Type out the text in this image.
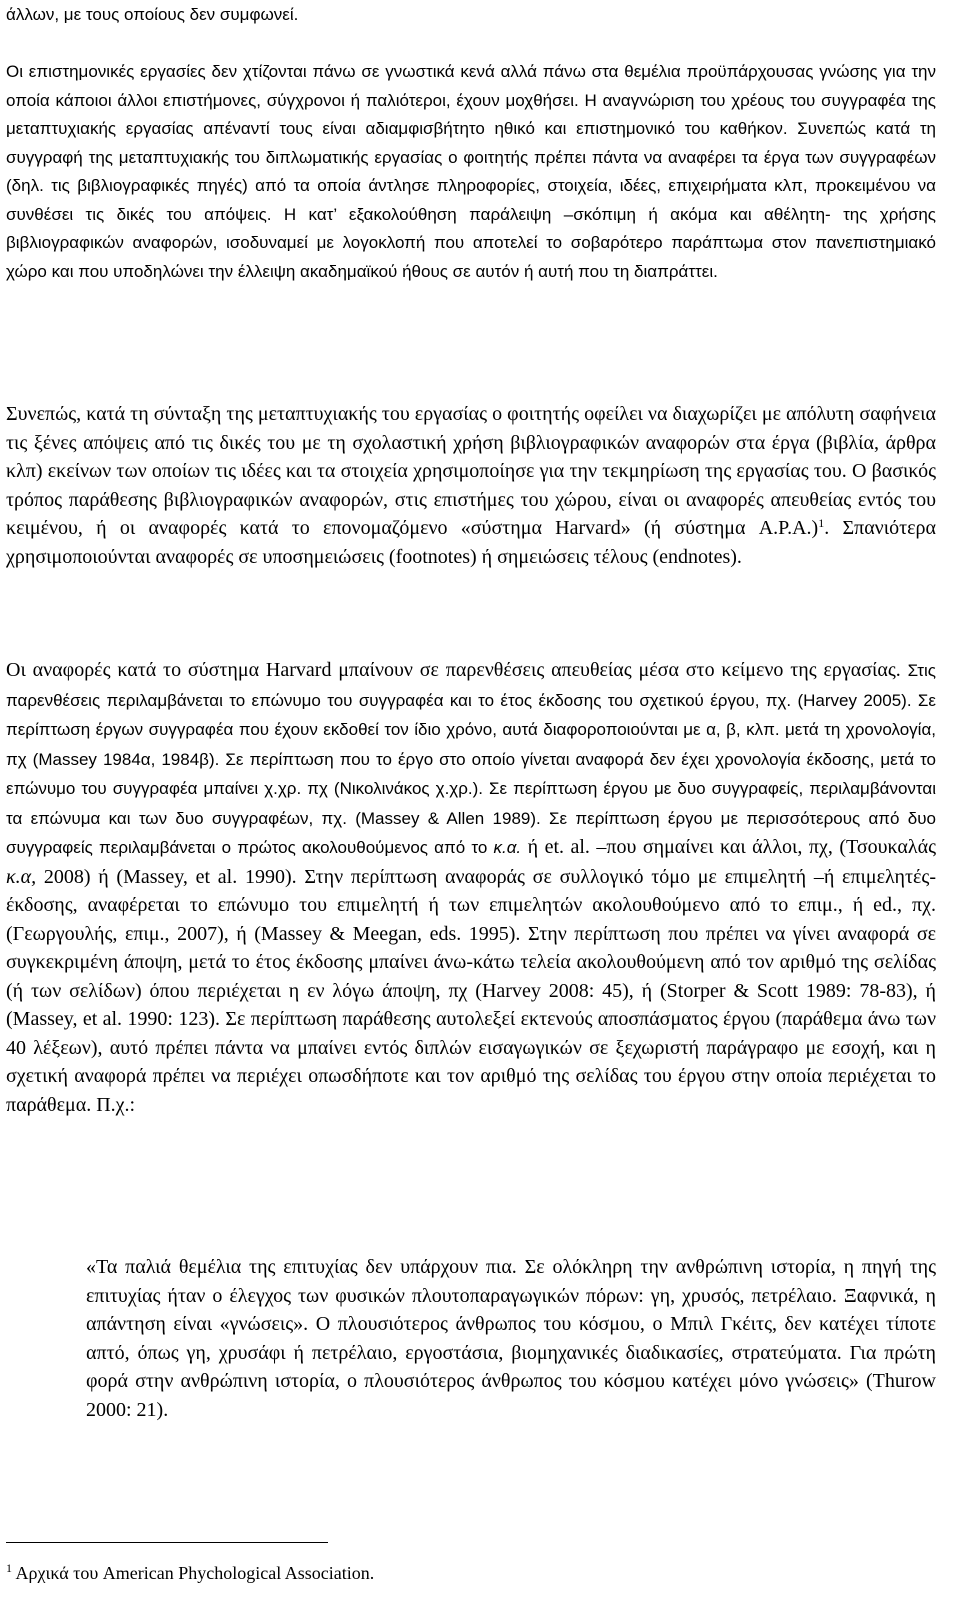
άλλων, με τους οποίους δεν συμφωνεί.

Οι επιστημονικές εργασίες δεν χτίζονται πάνω σε γνωστικά κενά αλλά πάνω στα θεμέλια προϋπάρχουσας γνώσης για την οποία κάποιοι άλλοι επιστήμονες, σύγχρονοι ή παλιότεροι, έχουν μοχθήσει. Η αναγνώριση του χρέους του συγγραφέα της μεταπτυχιακής εργασίας απέναντί τους είναι αδιαμφισβήτητο ηθικό και επιστημονικό του καθήκον. Συνεπώς κατά τη συγγραφή της μεταπτυχιακής του διπλωματικής εργασίας ο φοιτητής πρέπει πάντα να αναφέρει τα έργα των συγγραφέων (δηλ. τις βιβλιογραφικές πηγές) από τα οποία άντλησε πληροφορίες, στοιχεία, ιδέες, επιχειρήματα κλπ, προκειμένου να συνθέσει τις δικές του απόψεις. Η κατ’ εξακολούθηση παράλειψη –σκόπιμη ή ακόμα και αθέλητη- της χρήσης βιβλιογραφικών αναφορών, ισοδυναμεί με λογοκλοπή που αποτελεί το σοβαρότερο παράπτωμα στον πανεπιστημιακό χώρο και που υποδηλώνει την έλλειψη ακαδημαϊκού ήθους σε αυτόν ή αυτή που τη διαπράττει.

Συνεπώς, κατά τη σύνταξη της μεταπτυχιακής του εργασίας ο φοιτητής οφείλει να διαχωρίζει με απόλυτη σαφήνεια τις ξένες απόψεις από τις δικές του με τη σχολαστική χρήση βιβλιογραφικών αναφορών στα έργα (βιβλία, άρθρα κλπ) εκείνων των οποίων τις ιδέες και τα στοιχεία χρησιμοποίησε για την τεκμηρίωση της εργασίας του. Ο βασικός τρόπος παράθεσης βιβλιογραφικών αναφορών, στις επιστήμες του χώρου, είναι οι αναφορές απευθείας εντός του κειμένου, ή οι αναφορές κατά το επονομαζόμενο «σύστημα Harvard» (ή σύστημα A.P.A.)$^1$. Σπανιότερα χρησιμοποιούνται αναφορές σε υποσημειώσεις (footnotes) ή σημειώσεις τέλους (endnotes).

Οι αναφορές κατά το σύστημα Harvard μπαίνουν σε παρενθέσεις απευθείας μέσα στο κείμενο της εργασίας. Στις παρενθέσεις περιλαμβάνεται το επώνυμο του συγγραφέα και το έτος έκδοσης του σχετικού έργου, πχ. (Harvey 2005). Σε περίπτωση έργων συγγραφέα που έχουν εκδοθεί τον ίδιο χρόνο, αυτά διαφοροποιούνται με α, β, κλπ. μετά τη χρονολογία, πχ (Massey 1984α, 1984β). Σε περίπτωση που το έργο στο οποίο γίνεται αναφορά δεν έχει χρονολογία έκδοσης, μετά το επώνυμο του συγγραφέα μπαίνει χ.χρ. πχ (Νικολινάκος χ.χρ.). Σε περίπτωση έργου με δυο συγγραφείς, περιλαμβάνονται τα επώνυμα και των δυο συγγραφέων, πχ. (Massey & Allen 1989). Σε περίπτωση έργου με περισσότερους από δυο συγγραφείς περιλαμβάνεται ο πρώτος ακολουθούμενος από το κ.α. ή et. al. –που σημαίνει και άλλοι, πχ, (Τσουκαλάς κ.α, 2008) ή (Massey, et al. 1990). Στην περίπτωση αναφοράς σε συλλογικό τόμο με επιμελητή –ή επιμελητές- έκδοσης, αναφέρεται το επώνυμο του επιμελητή ή των επιμελητών ακολουθούμενο από το επιμ., ή ed., πχ. (Γεωργουλής, επιμ., 2007), ή (Massey & Meegan, eds. 1995). Στην περίπτωση που πρέπει να γίνει αναφορά σε συγκεκριμένη άποψη, μετά το έτος έκδοσης μπαίνει άνω-κάτω τελεία ακολουθούμενη από τον αριθμό της σελίδας (ή των σελίδων) όπου περιέχεται η εν λόγω άποψη, πχ (Harvey 2008: 45), ή (Storper & Scott 1989: 78-83), ή (Massey, et al. 1990: 123). Σε περίπτωση παράθεσης αυτολεξεί εκτενούς αποσπάσματος έργου (παράθεμα άνω των 40 λέξεων), αυτό πρέπει πάντα να μπαίνει εντός διπλών εισαγωγικών σε ξεχωριστή παράγραφο με εσοχή, και η σχετική αναφορά πρέπει να περιέχει οπωσδήποτε και τον αριθμό της σελίδας του έργου στην οποία περιέχεται το παράθεμα. Π.χ.:

«Τα παλιά θεμέλια της επιτυχίας δεν υπάρχουν πια. Σε ολόκληρη την ανθρώπινη ιστορία, η πηγή της επιτυχίας ήταν ο έλεγχος των φυσικών πλουτοπαραγωγικών πόρων: γη, χρυσός, πετρέλαιο. Ξαφνικά, η απάντηση είναι «γνώσεις». Ο πλουσιότερος άνθρωπος του κόσμου, ο Μπιλ Γκέιτς, δεν κατέχει τίποτε απτό, όπως γη, χρυσάφι ή πετρέλαιο, εργοστάσια, βιομηχανικές διαδικασίες, στρατεύματα. Για πρώτη φορά στην ανθρώπινη ιστορία, ο πλουσιότερος άνθρωπος του κόσμου κατέχει μόνο γνώσεις» (Thurow 2000: 21).

$^1$ Αρχικά του American Phychological Association.
